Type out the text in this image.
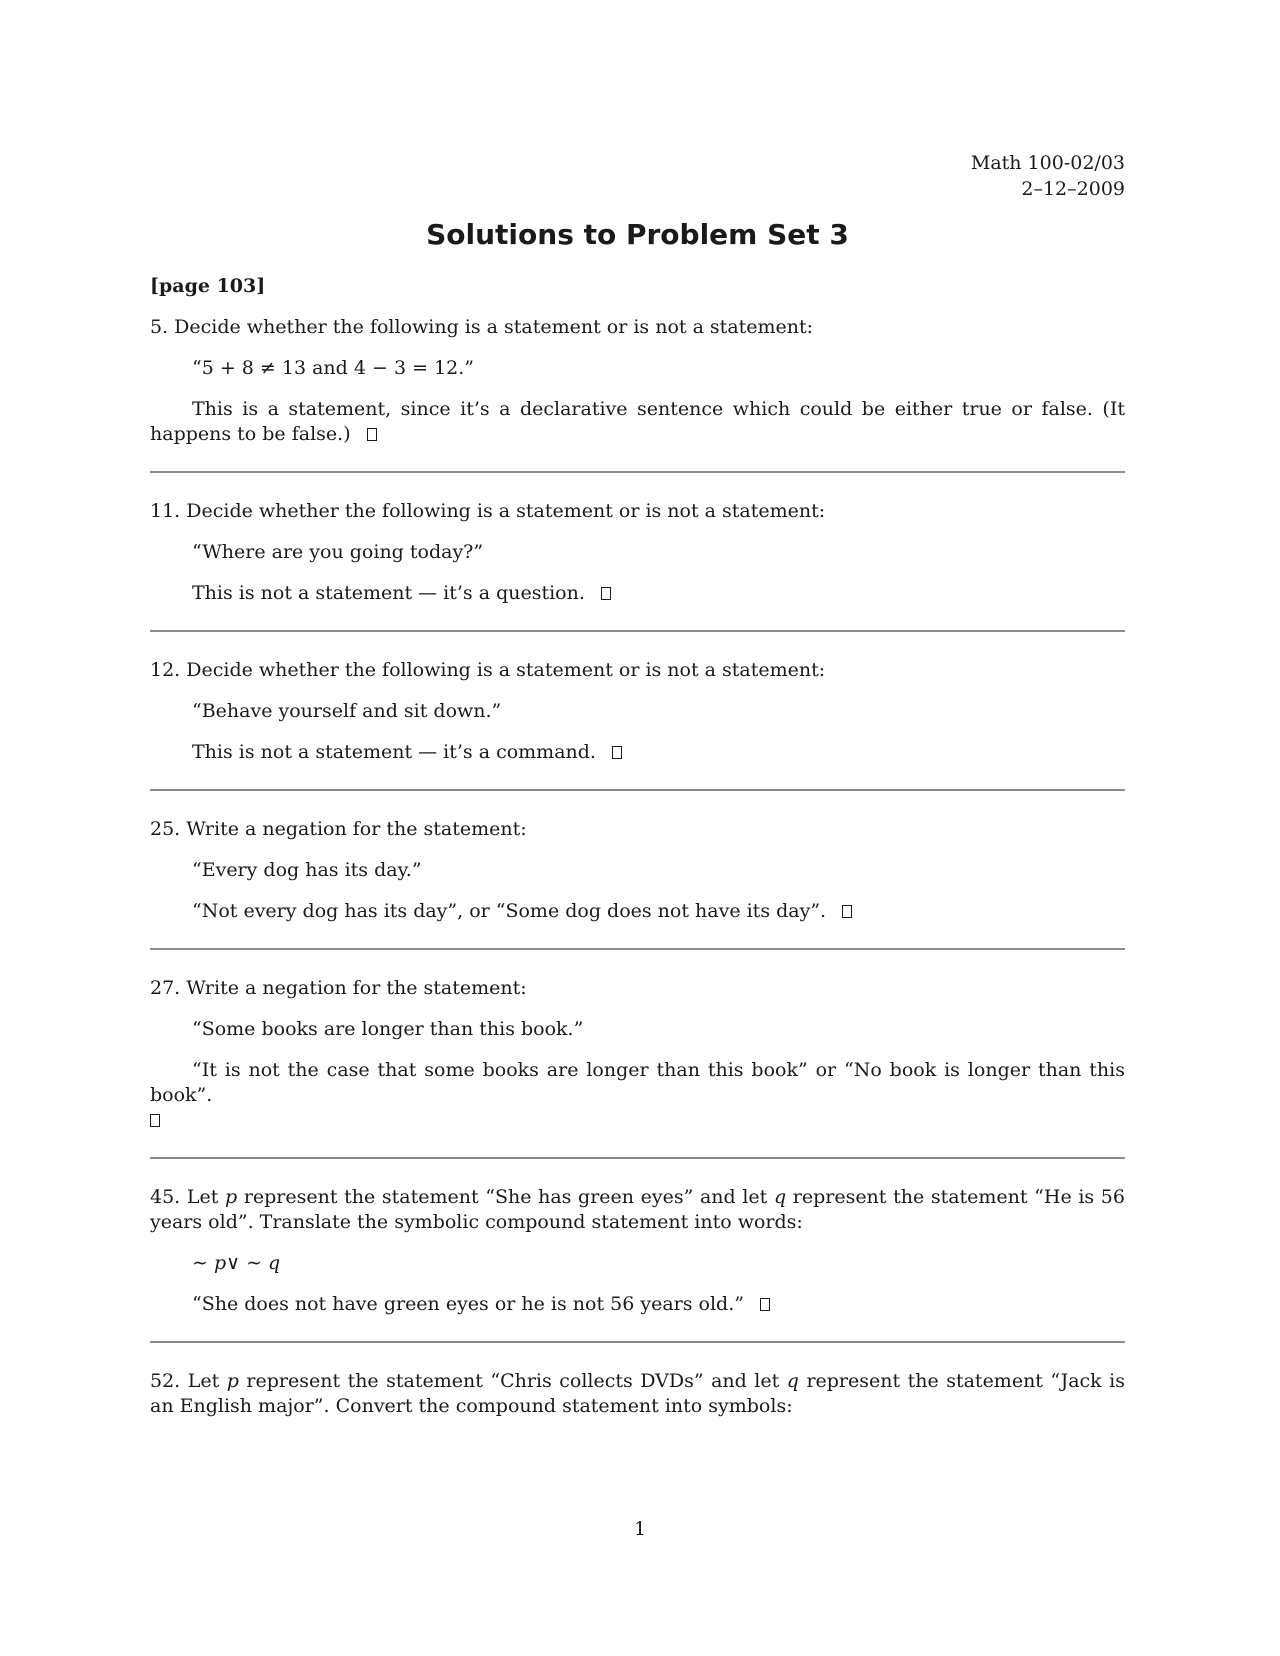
Math 100-02/03
2–12–2009
Solutions to Problem Set 3
[page 103]
5. Decide whether the following is a statement or is not a statement:
“5 + 8 ≠ 13 and 4 − 3 = 12.”
This is a statement, since it’s a declarative sentence which could be either true or false. (It happens to be false.)
11. Decide whether the following is a statement or is not a statement:
“Where are you going today?”
This is not a statement — it’s a question.
12. Decide whether the following is a statement or is not a statement:
“Behave yourself and sit down.”
This is not a statement — it’s a command.
25. Write a negation for the statement:
“Every dog has its day.”
“Not every dog has its day”, or “Some dog does not have its day”.
27. Write a negation for the statement:
“Some books are longer than this book.”
“It is not the case that some books are longer than this book” or “No book is longer than this book”.

45. Let p represent the statement “She has green eyes” and let q represent the statement “He is 56 years old”. Translate the symbolic compound statement into words:
∼ p∨ ∼ q
“She does not have green eyes or he is not 56 years old.”
52. Let p represent the statement “Chris collects DVDs” and let q represent the statement “Jack is an English major”. Convert the compound statement into symbols:
1
